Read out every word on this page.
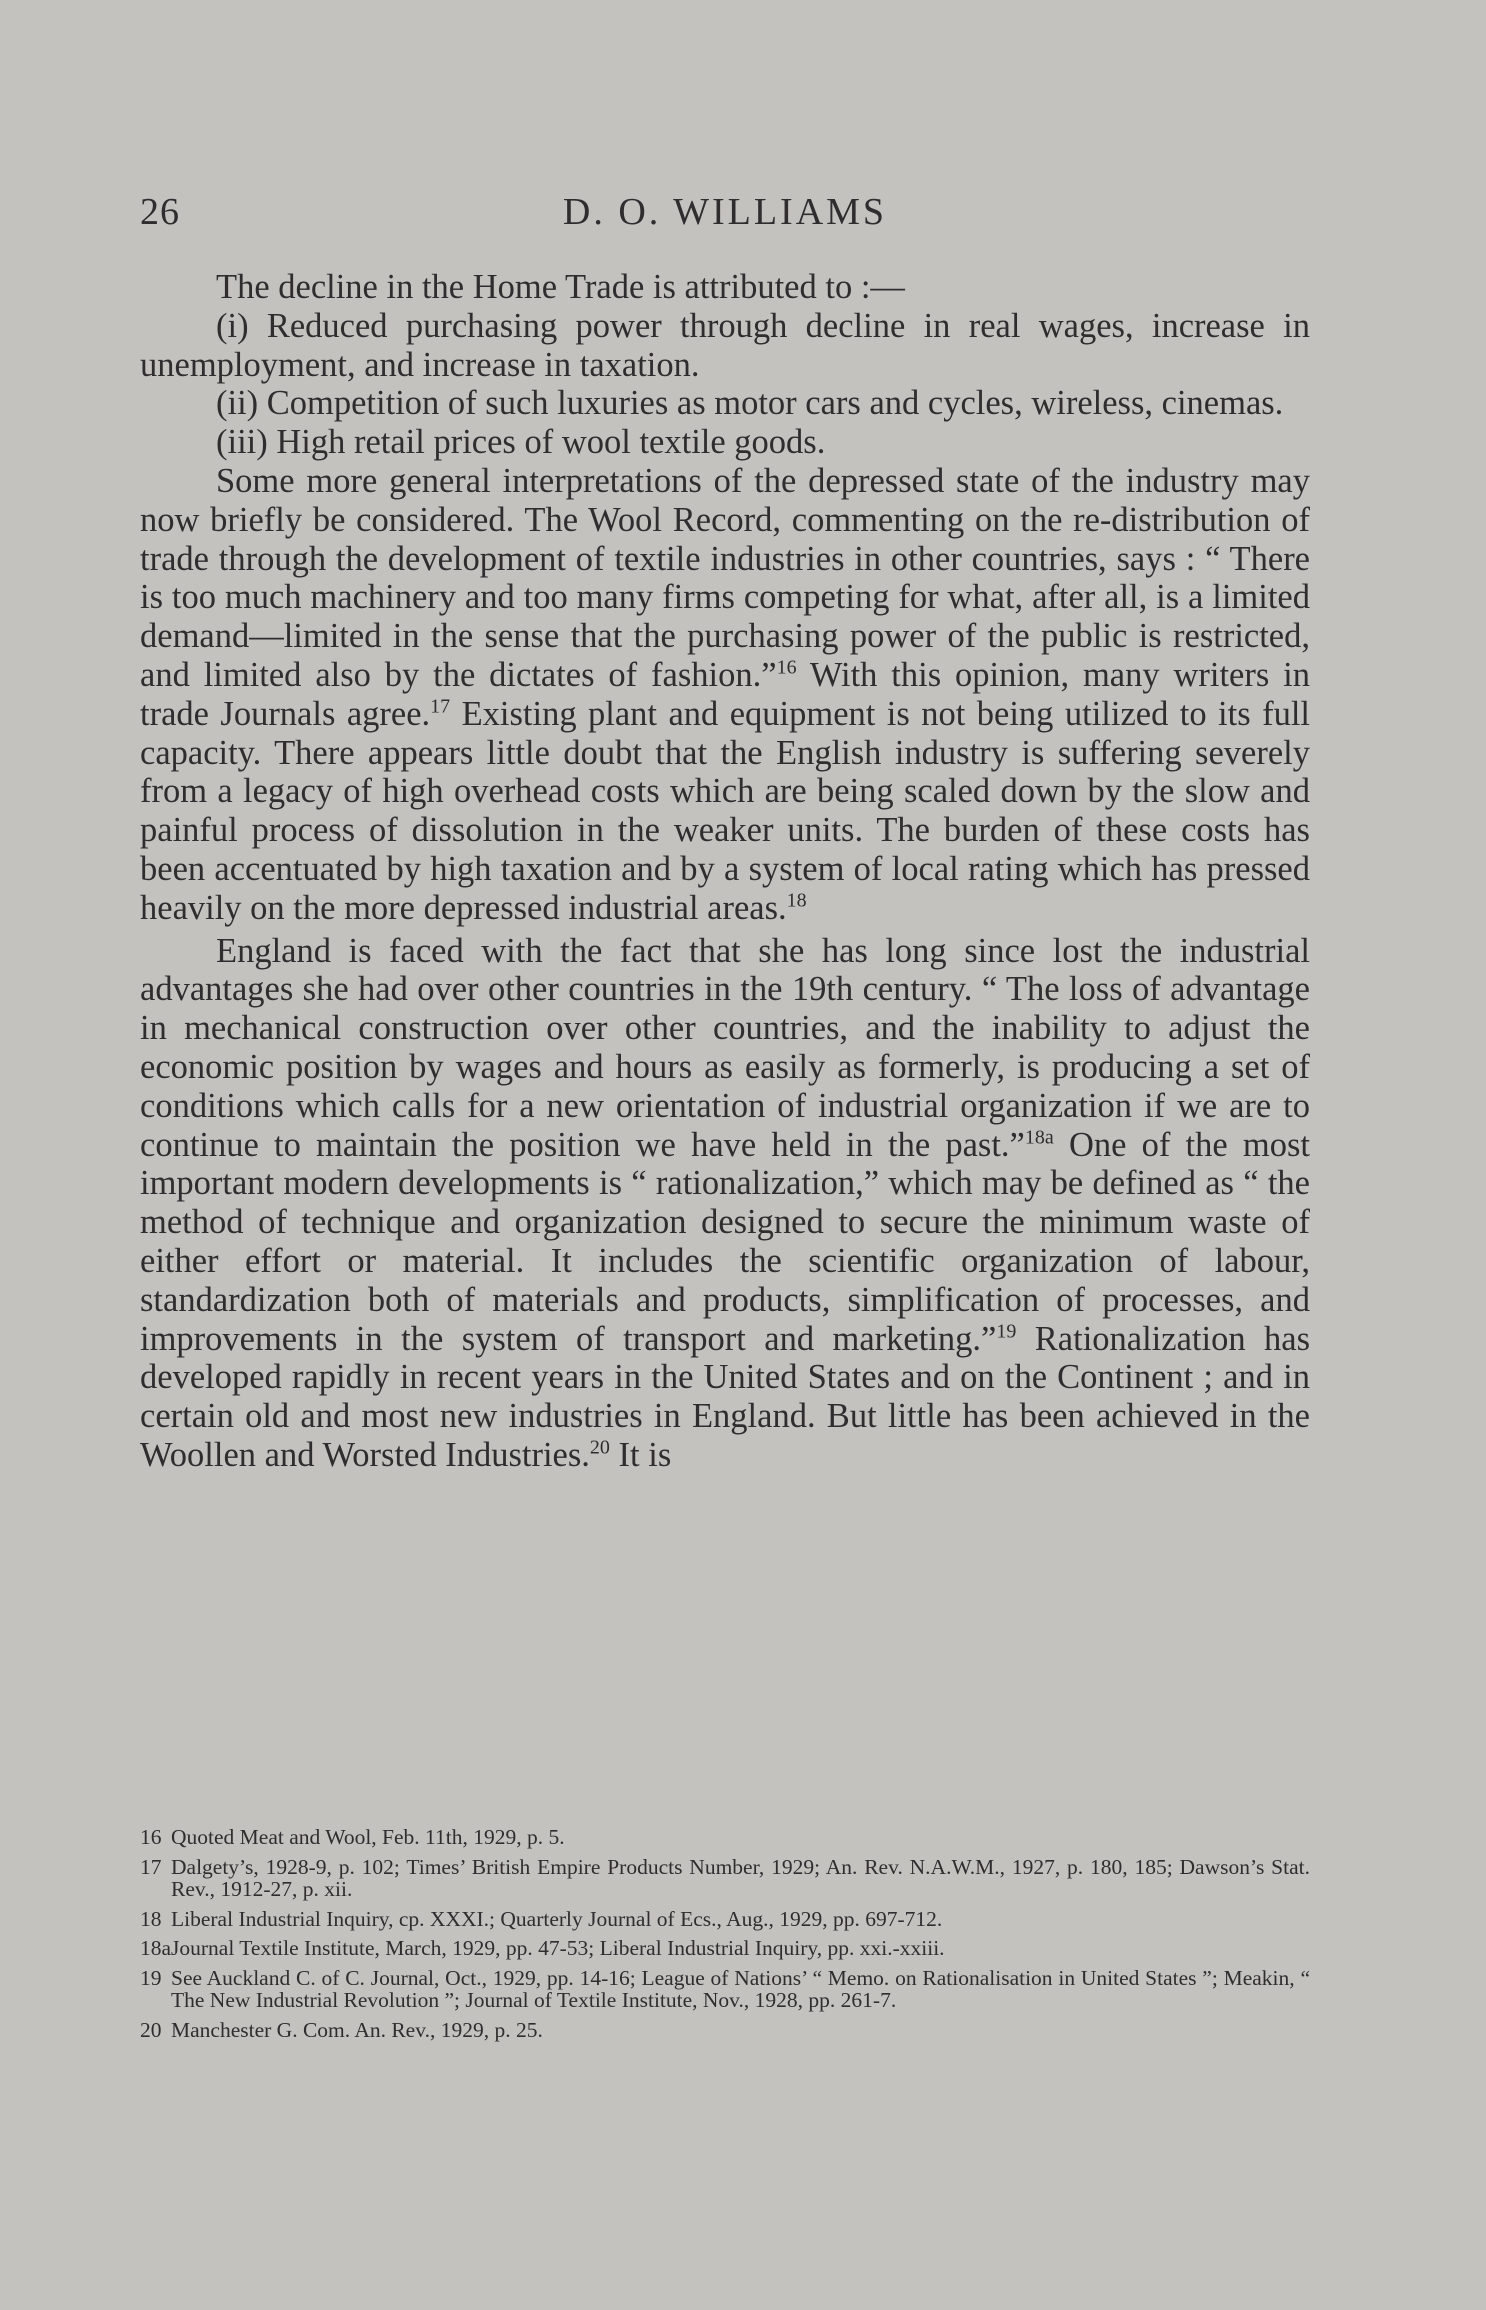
26	D. O. WILLIAMS

The decline in the Home Trade is attributed to :—

(i) Reduced purchasing power through decline in real wages, increase in unemployment, and increase in taxation.

(ii) Competition of such luxuries as motor cars and cycles, wireless, cinemas.

(iii) High retail prices of wool textile goods.

Some more general interpretations of the depressed state of the industry may now briefly be considered. The Wool Record, commenting on the re-distribution of trade through the development of textile industries in other countries, says : “ There is too much machinery and too many firms competing for what, after all, is a limited demand—limited in the sense that the purchasing power of the public is restricted, and limited also by the dictates of fashion.”$^{16}$ With this opinion, many writers in trade Journals agree.$^{17}$ Existing plant and equipment is not being utilized to its full capacity. There appears little doubt that the English industry is suffering severely from a legacy of high overhead costs which are being scaled down by the slow and painful process of dissolution in the weaker units. The burden of these costs has been accentuated by high taxation and by a system of local rating which has pressed heavily on the more depressed industrial areas.$^{18}$

England is faced with the fact that she has long since lost the industrial advantages she had over other countries in the 19th century. “ The loss of advantage in mechanical construction over other countries, and the inability to adjust the economic position by wages and hours as easily as formerly, is producing a set of conditions which calls for a new orientation of industrial organization if we are to continue to maintain the position we have held in the past.”$^{18a}$ One of the most important modern developments is “ rationalization,” which may be defined as “ the method of technique and organization designed to secure the minimum waste of either effort or material. It includes the scientific organization of labour, standardization both of materials and products, simplification of processes, and improvements in the system of transport and marketing.”$^{19}$ Rationalization has developed rapidly in recent years in the United States and on the Continent ; and in certain old and most new industries in England. But little has been achieved in the Woollen and Worsted Industries.$^{20}$ It is

16 Quoted Meat and Wool, Feb. 11th, 1929, p. 5.
17 Dalgety’s, 1928-9, p. 102; Times’ British Empire Products Number, 1929; An. Rev. N.A.W.M., 1927, p. 180, 185; Dawson’s Stat. Rev., 1912-27, p. xii.
18 Liberal Industrial Inquiry, cp. XXXI.; Quarterly Journal of Ecs., Aug., 1929, pp. 697-712.
18aJournal Textile Institute, March, 1929, pp. 47-53; Liberal Industrial Inquiry, pp. xxi.-xxiii.
19 See Auckland C. of C. Journal, Oct., 1929, pp. 14-16; League of Nations’ “ Memo. on Rationalisation in United States ”; Meakin, “ The New Industrial Revolution ”; Journal of Textile Institute, Nov., 1928, pp. 261-7.
20 Manchester G. Com. An. Rev., 1929, p. 25.
